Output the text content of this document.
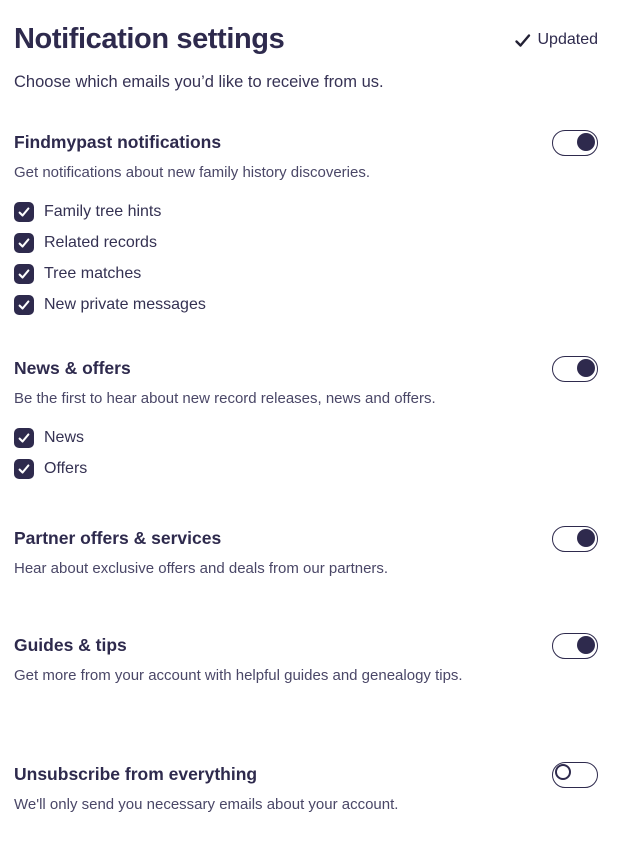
Notification settings	Updated

Choose which emails you’d like to receive from us.

Findmypast notifications

Get notifications about new family history discoveries.

Family tree hints
Related records
Tree matches
New private messages
News & offers

Be the first to hear about new record releases, news and offers.

News
Offers
Partner offers & services

Hear about exclusive offers and deals from our partners.

Guides & tips

Get more from your account with helpful guides and genealogy tips.

Unsubscribe from everything

We'll only send you necessary emails about your account.
